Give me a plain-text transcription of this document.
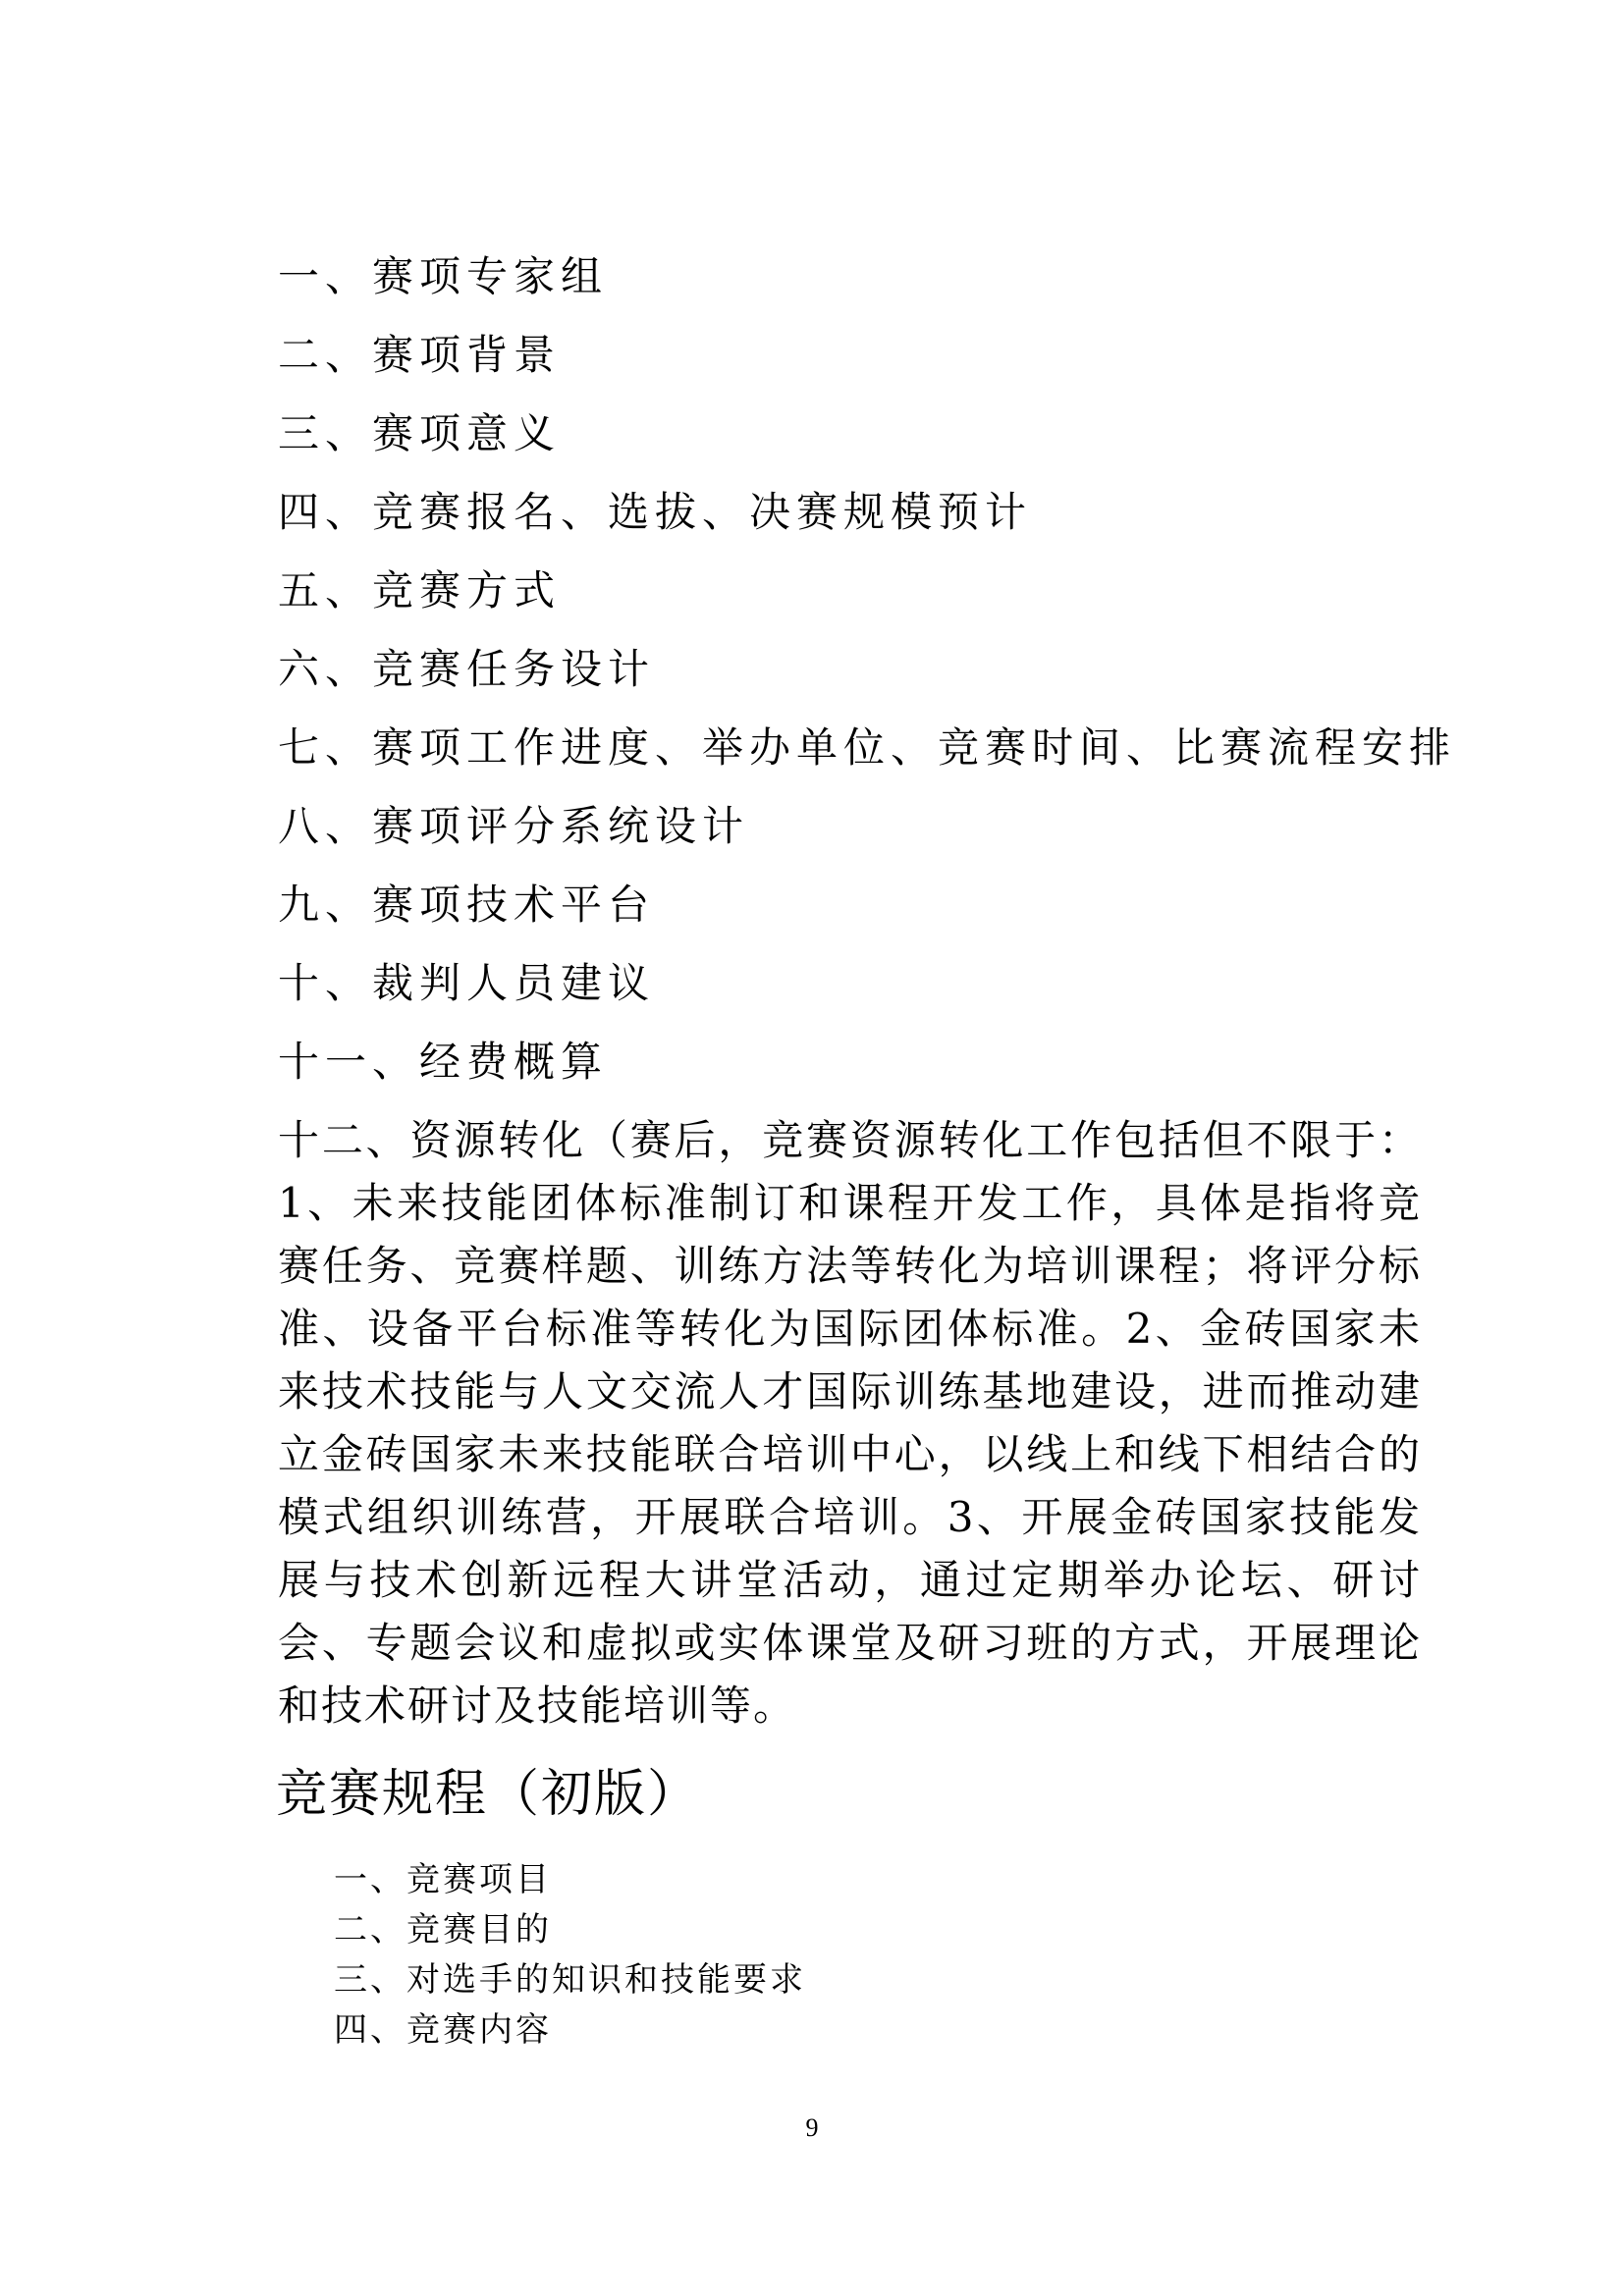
一、赛项专家组
二、赛项背景
三、赛项意义
四、竞赛报名、选拔、决赛规模预计
五、竞赛方式
六、竞赛任务设计
七、赛项工作进度、举办单位、竞赛时间、比赛流程安排
八、赛项评分系统设计
九、赛项技术平台
十、裁判人员建议
十一、经费概算

十二、资源转化（赛后，竞赛资源转化工作包括但不限于：1、未来技能团体标准制订和课程开发工作，具体是指将竞赛任务、竞赛样题、训练方法等转化为培训课程；将评分标准、设备平台标准等转化为国际团体标准。2、金砖国家未来技术技能与人文交流人才国际训练基地建设，进而推动建立金砖国家未来技能联合培训中心，以线上和线下相结合的模式组织训练营，开展联合培训。3、开展金砖国家技能发展与技术创新远程大讲堂活动，通过定期举办论坛、研讨会、专题会议和虚拟或实体课堂及研习班的方式，开展理论和技术研讨及技能培训等。

竞赛规程（初版）
一、竞赛项目
二、竞赛目的
三、对选手的知识和技能要求
四、竞赛内容
9
